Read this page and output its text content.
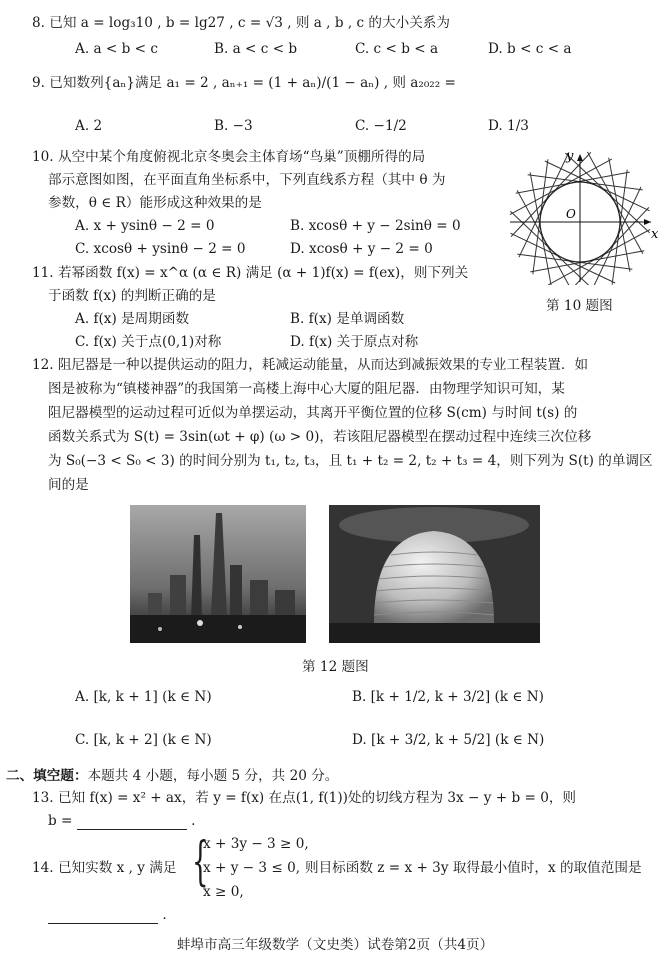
8. 已知 a = log₃10 , b = lg27 , c = √3 , 则 a , b , c 的大小关系为
A. a < b < c	B. a < c < b	C. c < b < a	D. b < c < a
9. 已知数列{aₙ}满足 a₁ = 2 , aₙ₊₁ = (1 + aₙ)/(1 − aₙ) , 则 a₂₀₂₂ =
A. 2	B. −3	C. −1/2	D. 1/3
10. 从空中某个角度俯视北京冬奥会主体育场“鸟巢”顶棚所得的局
部示意图如图，在平面直角坐标系中，下列直线系方程（其中 θ 为
参数，θ ∈ R）能形成这种效果的是
A. x + ysinθ − 2 = 0	B. xcosθ + y − 2sinθ = 0
C. xcosθ + ysinθ − 2 = 0	D. xcosθ + y − 2 = 0
x
y
O
第 10 题图
11. 若幂函数 f(x) = x^α (α ∈ R) 满足 (α + 1)f(x) = f(ex)，则下列关
于函数 f(x) 的判断正确的是
A. f(x) 是周期函数	B. f(x) 是单调函数
C. f(x) 关于点(0,1)对称	D. f(x) 关于原点对称
12. 阻尼器是一种以提供运动的阻力，耗减运动能量，从而达到减振效果的专业工程装置．如
图是被称为“镇楼神器”的我国第一高楼上海中心大厦的阻尼器．由物理学知识可知，某
阻尼器模型的运动过程可近似为单摆运动，其离开平衡位置的位移 S(cm) 与时间 t(s) 的
函数关系式为 S(t) = 3sin(ωt + φ) (ω > 0)，若该阻尼器模型在摆动过程中连续三次位移
为 S₀(−3 < S₀ < 3) 的时间分别为 t₁, t₂, t₃，且 t₁ + t₂ = 2, t₂ + t₃ = 4，则下列为 S(t) 的单调区
间的是
第 12 题图
A. [k, k + 1] (k ∈ N)	B. [k + 1/2, k + 3/2] (k ∈ N)
C. [k, k + 2] (k ∈ N)	D. [k + 3/2, k + 5/2] (k ∈ N)
二、填空题：本题共 4 小题，每小题 5 分，共 20 分。
13. 已知 f(x) = x² + ax，若 y = f(x) 在点(1, f(1))处的切线方程为 3x − y + b = 0，则
b =	.
14. 已知实数 x , y 满足 {
x + 3y − 3 ≥ 0,
x + y − 3 ≤ 0,
x ≥ 0,
则目标函数 z = x + 3y 取得最小值时，x 的取值范围是
.
蚌埠市高三年级数学（文史类）试卷第2页（共4页）
